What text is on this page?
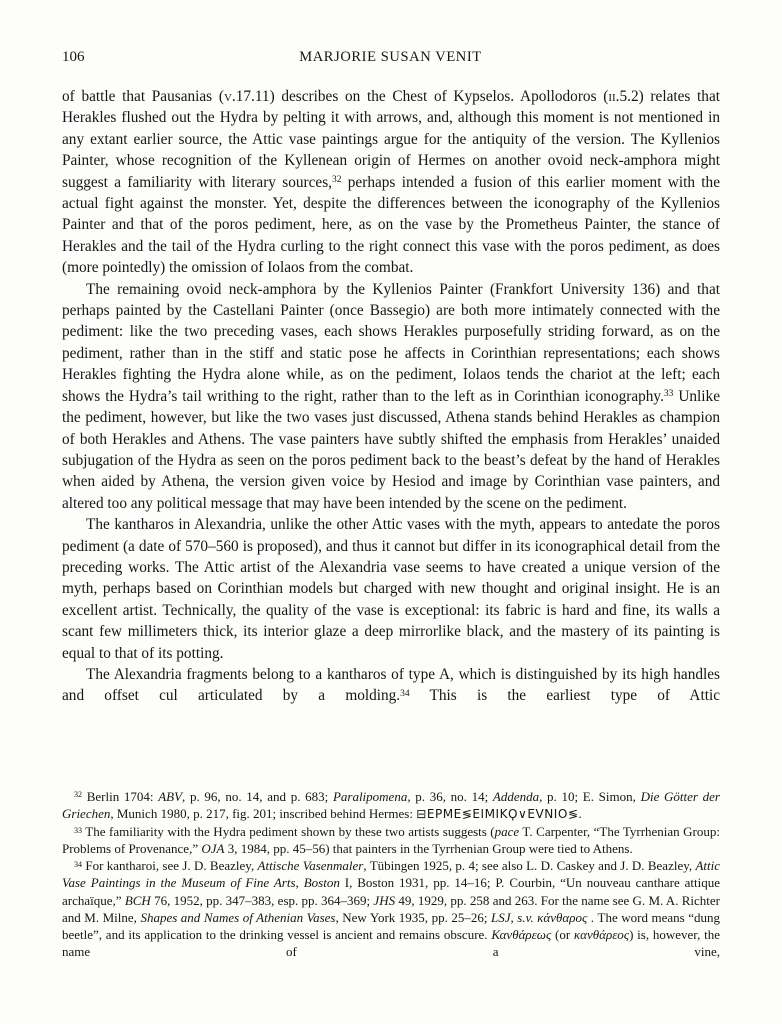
106	MARJORIE SUSAN VENIT

of battle that Pausanias (v.17.11) describes on the Chest of Kypselos. Apollodoros (ii.5.2) relates that Herakles flushed out the Hydra by pelting it with arrows, and, although this moment is not mentioned in any extant earlier source, the Attic vase paintings argue for the antiquity of the version. The Kyllenios Painter, whose recognition of the Kyllenean origin of Hermes on another ovoid neck-amphora might suggest a familiarity with literary sources,$^{32}$ perhaps intended a fusion of this earlier moment with the actual fight against the monster. Yet, despite the differences between the iconography of the Kyllenios Painter and that of the poros pediment, here, as on the vase by the Prometheus Painter, the stance of Herakles and the tail of the Hydra curling to the right connect this vase with the poros pediment, as does (more pointedly) the omission of Iolaos from the combat.

The remaining ovoid neck-amphora by the Kyllenios Painter (Frankfort University 136) and that perhaps painted by the Castellani Painter (once Bassegio) are both more intimately connected with the pediment: like the two preceding vases, each shows Herakles purposefully striding forward, as on the pediment, rather than in the stiff and static pose he affects in Corinthian representations; each shows Herakles fighting the Hydra alone while, as on the pediment, Iolaos tends the chariot at the left; each shows the Hydra’s tail writhing to the right, rather than to the left as in Corinthian iconography.$^{33}$ Unlike the pediment, however, but like the two vases just discussed, Athena stands behind Herakles as champion of both Herakles and Athens. The vase painters have subtly shifted the emphasis from Herakles’ unaided subjugation of the Hydra as seen on the poros pediment back to the beast’s defeat by the hand of Herakles when aided by Athena, the version given voice by Hesiod and image by Corinthian vase painters, and altered too any political message that may have been intended by the scene on the pediment.

The kantharos in Alexandria, unlike the other Attic vases with the myth, appears to antedate the poros pediment (a date of 570–560 is proposed), and thus it cannot but differ in its iconographical detail from the preceding works. The Attic artist of the Alexandria vase seems to have created a unique version of the myth, perhaps based on Corinthian models but charged with new thought and original insight. He is an excellent artist. Technically, the quality of the vase is exceptional: its fabric is hard and fine, its walls a scant few millimeters thick, its interior glaze a deep mirrorlike black, and the mastery of its painting is equal to that of its potting.

The Alexandria fragments belong to a kantharos of type A, which is distinguished by its high handles and offset cul articulated by a molding.$^{34}$ This is the earliest type of Attic

$^{32}$ Berlin 1704: ABV, p. 96, no. 14, and p. 683; Paralipomena, p. 36, no. 14; Addenda, p. 10; E. Simon, Die Götter der Griechen, Munich 1980, p. 217, fig. 201; inscribed behind Hermes: ⊟EPME≶EIMIKϘ∨EVNIO≶.

$^{33}$ The familiarity with the Hydra pediment shown by these two artists suggests (pace T. Carpenter, “The Tyrrhenian Group: Problems of Provenance,” OJA 3, 1984, pp. 45–56) that painters in the Tyrrhenian Group were tied to Athens.

$^{34}$ For kantharoi, see J. D. Beazley, Attische Vasenmaler, Tübingen 1925, p. 4; see also L. D. Caskey and J. D. Beazley, Attic Vase Paintings in the Museum of Fine Arts, Boston I, Boston 1931, pp. 14–16; P. Courbin, “Un nouveau canthare attique archaïque,” BCH 76, 1952, pp. 347–383, esp. pp. 364–369; JHS 49, 1929, pp. 258 and 263. For the name see G. M. A. Richter and M. Milne, Shapes and Names of Athenian Vases, New York 1935, pp. 25–26; LSJ, s.v. κάνθαρος . The word means “dung beetle”, and its application to the drinking vessel is ancient and remains obscure. Κανθάρεως (or κανθάρεος) is, however, the name of a vine,
